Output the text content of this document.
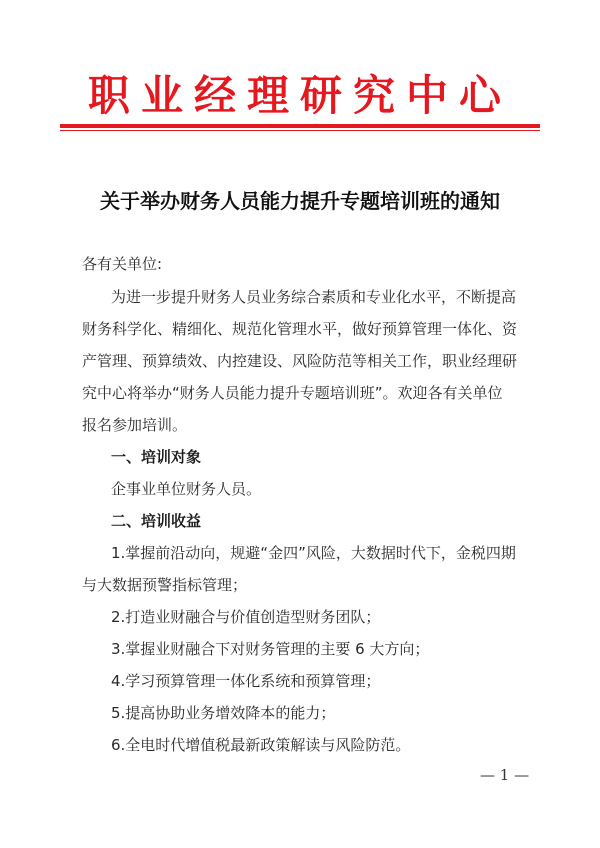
职业经理研究中心
关于举办财务人员能力提升专题培训班的通知
各有关单位:
为进一步提升财务人员业务综合素质和专业化水平，不断提高
财务科学化、精细化、规范化管理水平，做好预算管理一体化、资
产管理、预算绩效、内控建设、风险防范等相关工作，职业经理研
究中心将举办“财务人员能力提升专题培训班”。欢迎各有关单位
报名参加培训。
一、培训对象
企事业单位财务人员。
二、培训收益
1.掌握前沿动向，规避“金四”风险，大数据时代下，金税四期
与大数据预警指标管理；
2.打造业财融合与价值创造型财务团队；
3.掌握业财融合下对财务管理的主要 6 大方向；
4.学习预算管理一体化系统和预算管理；
5.提高协助业务增效降本的能力；
6.全电时代增值税最新政策解读与风险防范。
— 1 —
